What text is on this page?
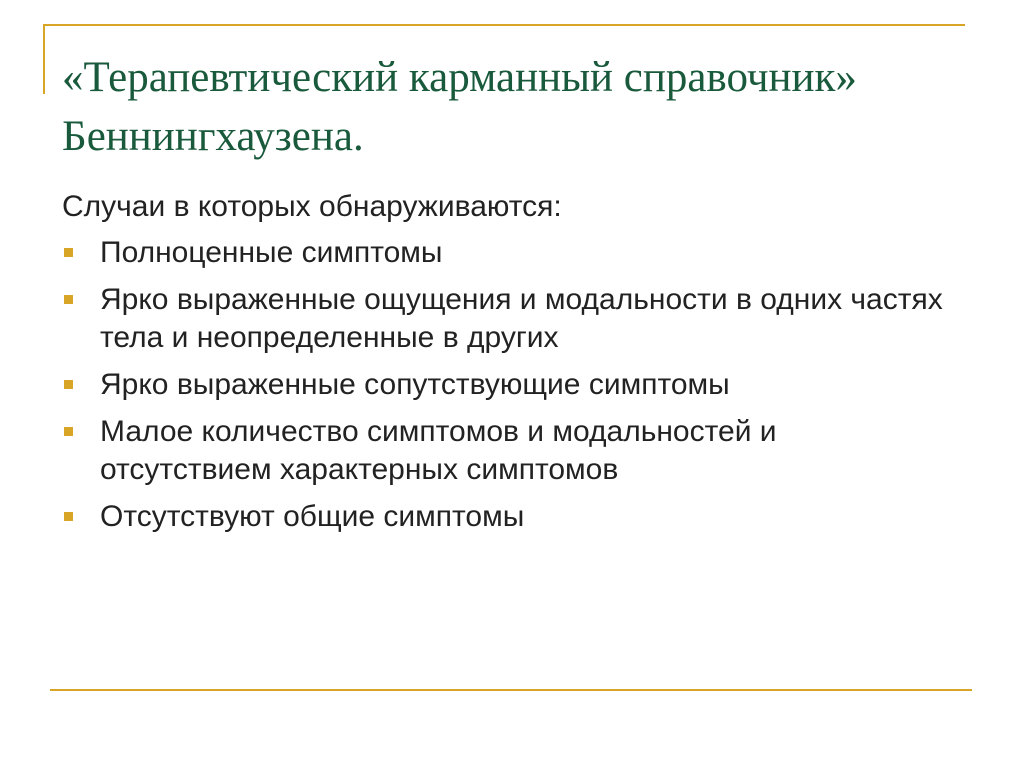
«Терапевтический карманный справочник» Беннингхаузена.

Случаи в которых обнаруживаются:

Полноценные симптомы
Ярко выраженные ощущения и модальности в одних частях тела и неопределенные в других
Ярко выраженные сопутствующие симптомы
Малое количество симптомов и модальностей и отсутствием характерных симптомов
Отсутствуют общие симптомы
